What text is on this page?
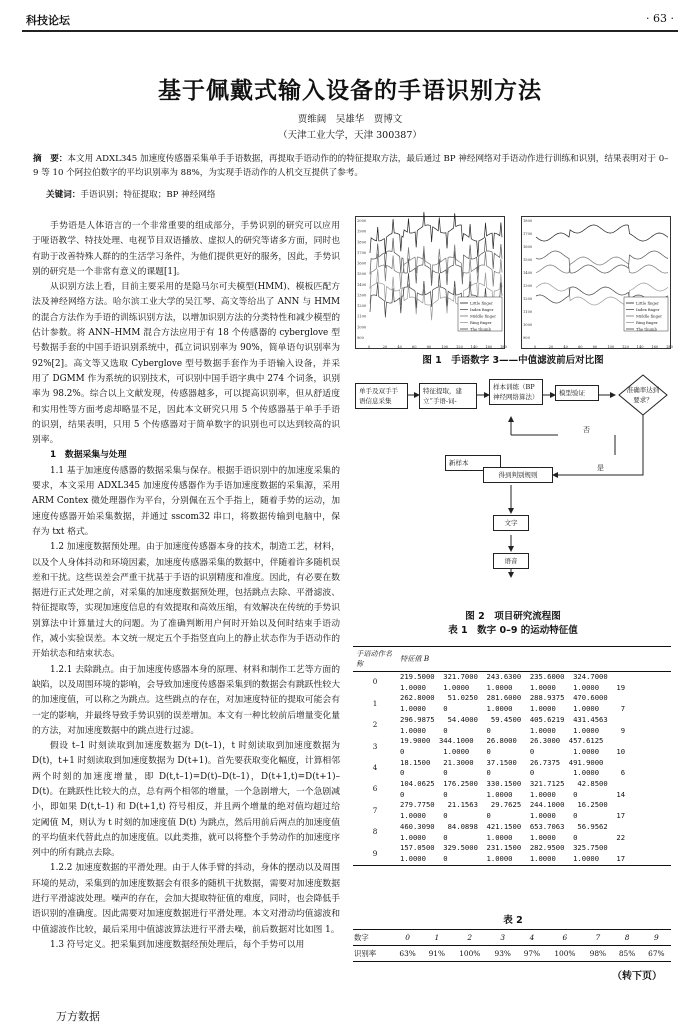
科技论坛	· 63 ·
基于佩戴式输入设备的手语识别方法
贾维阔　吴雄华　贾博文
（天津工业大学，天津 300387）
摘　要：本文用 ADXL345 加速度传感器采集单手手语数据，再提取手语动作的的特征提取方法，最后通过 BP 神经网络对手语动作进行训练和识别，结果表明对于 0–9 等 10 个阿拉伯数字的平均识别率为 88%，为实现手语动作的人机交互提供了参考。
关键词：手语识别；特征提取；BP 神经网络

手势语是人体语言的一个非常重要的组成部分，手势识别的研究可以应用于哑语教学、特技处理、电视节目双语播放、虚拟人的研究等诸多方面，同时也有助于改善特殊人群的的生活学习条件，为他们提供更好的服务，因此，手势识别的研究是一个非常有意义的课题[1]。

从识别方法上看，目前主要采用的是隐马尔可夫模型(HMM)、模板匹配方法及神经网络方法。哈尔滨工业大学的吴江琴、高文等给出了 ANN 与 HMM 的混合方法作为手语的训练识别方法，以增加识别方法的分类特性和减少模型的估计参数。将 ANN–HMM 混合方法应用于有 18 个传感器的 cyberglove 型号数据手套的中国手语识别系统中，孤立词识别率为 90%，简单语句识别率为 92%[2]。高文等又选取 Cyberglove 型号数据手套作为手语输入设备，并采用了 DGMM 作为系统的识别技术，可识别中国手语字典中 274 个词条，识别率为 98.2%。综合以上文献发现，传感器越多，可以提高识别率，但从舒适度和实用性等方面考虑却略显不足，因此本文研究只用 5 个传感器基于单手手语的识别，结果表明，只用 5 个传感器对于简单数字的识别也可以达到较高的识别率。

1　数据采集与处理

1.1 基于加速度传感器的数据采集与保存。根据手语识别中的加速度采集的要求，本文采用 ADXL345 加速度传感器作为手语加速度数据的采集源，采用 ARM Contex 微处理器作为平台，分别佩在五个手指上，随着手势的运动，加速度传感器开始采集数据，并通过 sscom32 串口，将数据传输到电脑中，保存为 txt 格式。

1.2 加速度数据预处理。由于加速度传感器本身的技术，制造工艺，材料，以及个人身体抖动和环境因素，加速度传感器采集的数据中，伴随着许多随机误差和干扰。这些误差会严重干扰基于手语的识别精度和准度。因此，有必要在数据进行正式处理之前，对采集的加速度数据预处理，包括跳点去除、平滑滤波、特征提取等，实现加速度信息的有效提取和高效压缩，有效解决在传统的手势识别算法中计算量过大的问题。为了准确判断用户何时开始以及何时结束手语动作，减小实验误差。本文统一规定五个手指竖直向上的静止状态作为手语动作的开始状态和结束状态。

1.2.1 去除跳点。由于加速度传感器本身的原理、材料和制作工艺等方面的缺陷，以及周围环境的影响，会导致加速度传感器采集到的数据会有跳跃性较大的加速度值，可以称之为跳点。这些跳点的存在，对加速度特征的提取可能会有一定的影响，并最终导致手势识别的误差增加。本文有一种比较前后增量变化量的方法，对加速度数据中的跳点进行过滤。

假设 t–1 时刻读取到加速度数据为 D(t–1)，t 时刻读取到加速度数据为 D(t)，t+1 时刻读取到加速度数据为 D(t+1)。首先要获取变化幅度，计算相邻两个时刻的加速度增量，即 D(t,t–1)=D(t)–D(t–1)，D(t+1,t)=D(t+1)–D(t)。在跳跃性比较大的点，总有两个相邻的增量，一个急剧增大，一个急剧减小，即如果 D(t,t–1) 和 D(t+1,t) 符号相反，并且两个增量的绝对值均超过给定阈值 M，则认为 t 时刻的加速度值 D(t) 为跳点，然后用前后两点的加速度值的平均值来代替此点的加速度值。以此类推，就可以将整个手势动作的加速度序列中的所有跳点去除。

1.2.2 加速度数据的平滑处理。由于人体手臂的抖动，身体的摆动以及周围环境的晃动，采集到的加速度数据会有很多的随机干扰数据，需要对加速度数据进行平滑滤波处理。噪声的存在，会加大提取特征值的难度，同时，也会降低手语识别的准确度。因此需要对加速度数据进行平滑处理。本文对滑动均值滤波和中值滤波作比较，最后采用中值滤波算法进行平滑去噪，前后数据对比如图 1。

1.3 符号定义。把采集到加速度数据经预处理后，每个手势可以用

2000
1900
1800
1700
1600
1500
1400
1300
1200
1100
1000
900
0	20	40	60	80	100 120 140 160 180
Little finger
Index finger
Middle finger
Ring finger
The thumb
1800
1700
1600
1500
1400
1300
1200
1100
1000
900
0	20	40	60	80	100 120 140 160 180
Little finger
Index finger
Middle finger
Ring finger
The thumb
图 1　手语数字 3——中值滤波前后对比图
单手及双手手语信息采集
特征提取，建立“手语-词-
样本训练（BP 神经网络算法）	模型验证	准确率达到要求？
新样本
得到判别规则
文字
语音
否
是
图 2　项目研究流程图
表 1　数字 0–9 的运动特征值
手语动作名称	特征值 B
0	219.5000  321.7000  243.6300  235.6000  324.7000
	1.0000    1.0000    1.0000    1.0000    1.0000    19
1	262.8000   51.0250  281.6000  288.9375  470.6000
	1.0000    0         1.0000    1.0000    1.0000     7
2	296.9875   54.4000   59.4500  405.6219  431.4563
	1.0000    0         0         1.0000    1.0000     9
3	19.9000  344.1000   26.8000   26.3000  457.6125
	0         1.0000    0         0         1.0000    10
4	18.1500   21.3000   37.1500   26.7375  491.9000
	0         0         0         0         1.0000     6
6	104.0625  176.2500  330.1500  321.7125   42.8500
	0         0         1.0000    1.0000    0         14
7	279.7750   21.1563   29.7625  244.1000   16.2500
	1.0000    0         0         1.0000    0         17
8	460.3090   84.0898  421.1500  653.7063   56.9562
	1.0000    0         1.0000    1.0000    0         22
9	157.0500  329.5000  231.1500  282.9500  325.7500
	1.0000    0         1.0000    1.0000    1.0000    17
表 2
数字	0	1	2	3	4	6	7	8	9
识别率	63%	91%	100%	93%	97%	100%	98%	85%	67%
（转下页）
万方数据
